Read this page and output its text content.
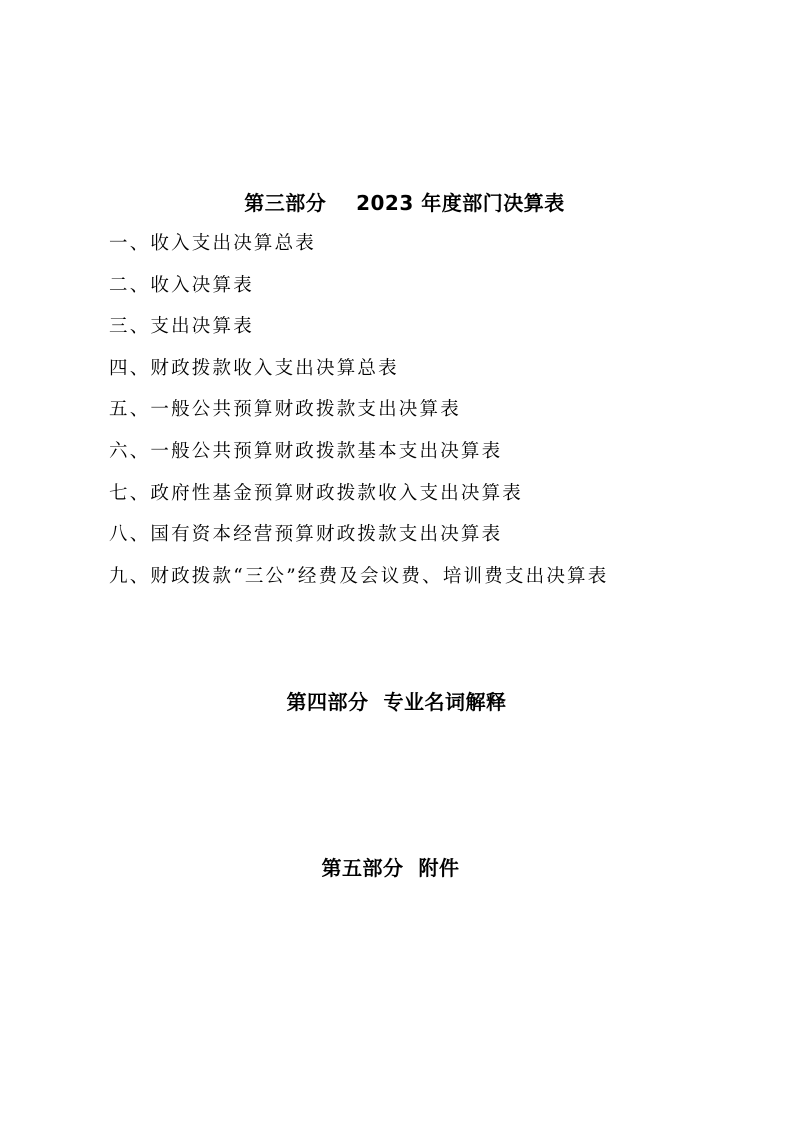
第三部分    2023 年度部门决算表
一、收入支出决算总表
二、收入决算表
三、支出决算表
四、财政拨款收入支出决算总表
五、一般公共预算财政拨款支出决算表
六、一般公共预算财政拨款基本支出决算表
七、政府性基金预算财政拨款收入支出决算表
八、国有资本经营预算财政拨款支出决算表
九、财政拨款“三公”经费及会议费、培训费支出决算表
第四部分  专业名词解释
第五部分  附件
